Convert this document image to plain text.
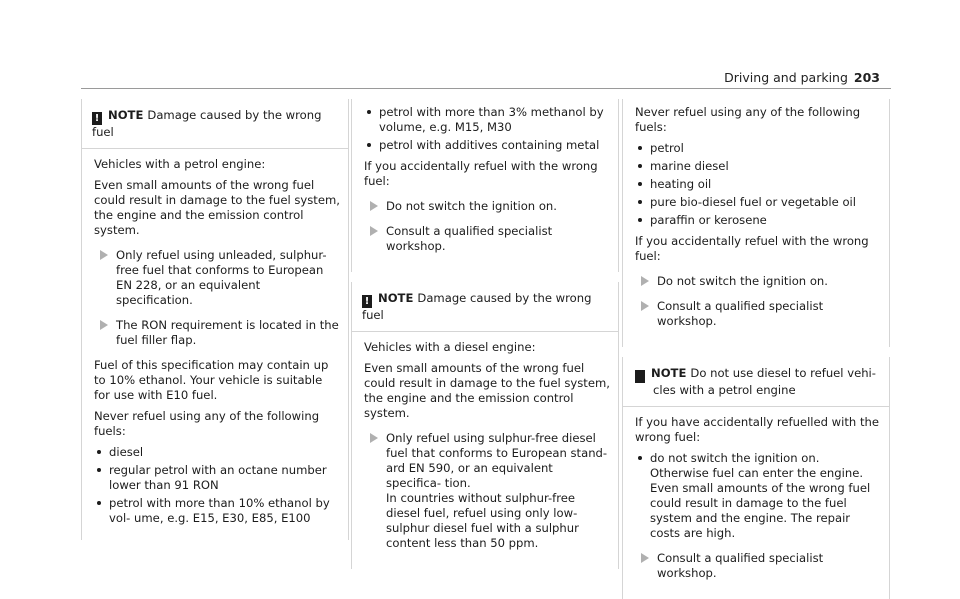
Driving and parking 203
! NOTE Damage caused by the wrong fuel

Vehicles with a petrol engine:

Even small amounts of the wrong fuel could result in damage to the fuel system, the engine and the emission control system.

Only refuel using unleaded, sulphur-free fuel that conforms to European EN 228, or an equivalent specification.
The RON requirement is located in the fuel filler flap.

Fuel of this specification may contain up to 10% ethanol. Your vehicle is suitable for use with E10 fuel.

Never refuel using any of the following fuels:

diesel
regular petrol with an octane number lower than 91 RON
petrol with more than 10% ethanol by vol- ume, e.g. E15, E30, E85, E100
petrol with more than 3% methanol by volume, e.g. M15, M30
petrol with additives containing metal

If you accidentally refuel with the wrong fuel:

Do not switch the ignition on.
Consult a qualified specialist workshop.
! NOTE Damage caused by the wrong fuel

Vehicles with a diesel engine:

Even small amounts of the wrong fuel could result in damage to the fuel system, the engine and the emission control system.

Only refuel using sulphur-free diesel fuel that conforms to European stand- ard EN 590, or an equivalent specifica- tion.
In countries without sulphur-free diesel fuel, refuel using only low-sulphur diesel fuel with a sulphur content less than 50 ppm.

Never refuel using any of the following fuels:

petrol
marine diesel
heating oil
pure bio-diesel fuel or vegetable oil
paraffin or kerosene

If you accidentally refuel with the wrong fuel:

Do not switch the ignition on.
Consult a qualified specialist workshop.
! NOTE Do not use diesel to refuel vehi- cles with a petrol engine

If you have accidentally refuelled with the wrong fuel:

do not switch the ignition on. Otherwise fuel can enter the engine.
Even small amounts of the wrong fuel could result in damage to the fuel system and the engine. The repair costs are high.
Consult a qualified specialist workshop.
